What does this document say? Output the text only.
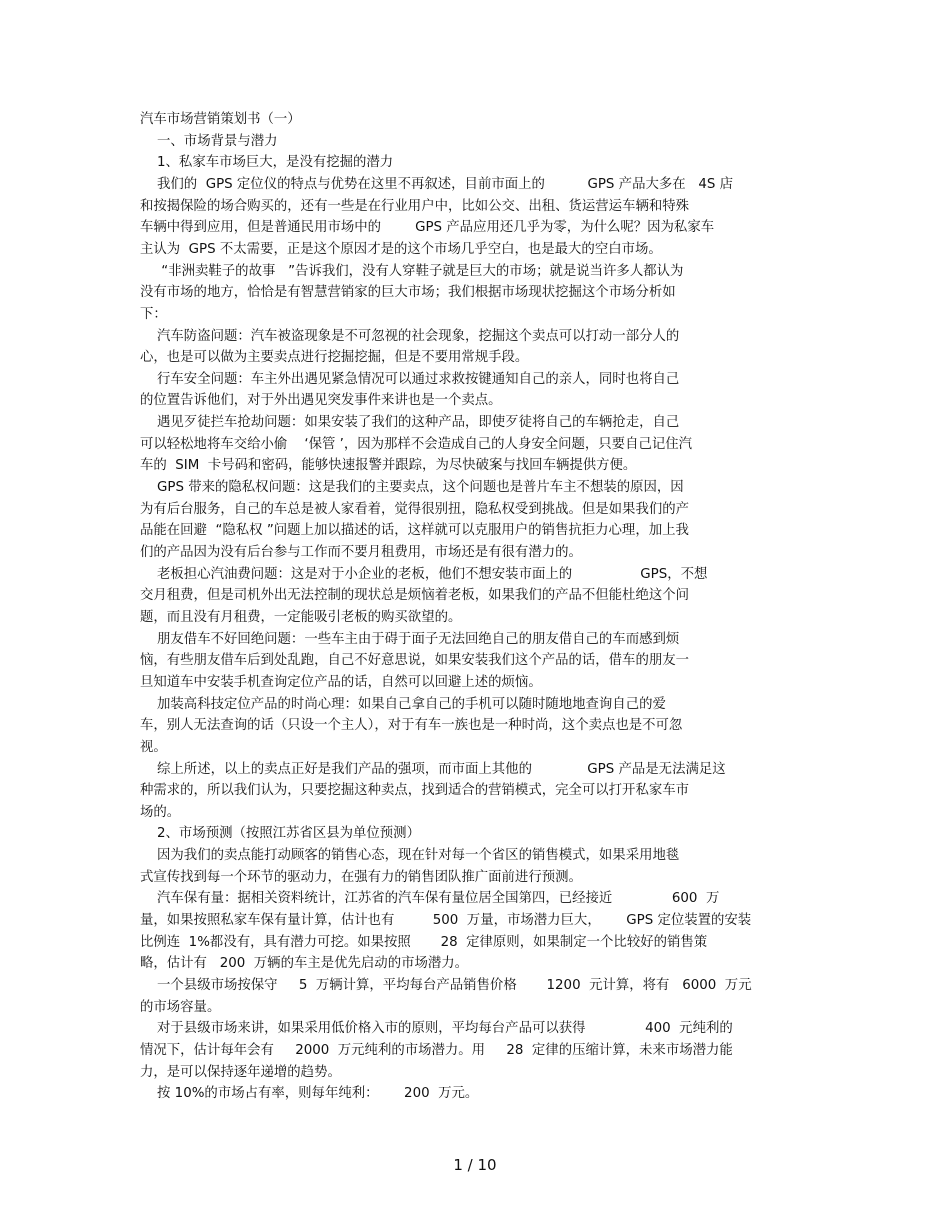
汽车市场营销策划书（一）
一、市场背景与潜力
1、私家车市场巨大，是没有挖掘的潜力
我们的  GPS 定位仪的特点与优势在这里不再叙述，目前市面上的          GPS 产品大多在   4S 店
和按揭保险的场合购买的，还有一些是在行业用户中，比如公交、出租、货运营运车辆和特殊
车辆中得到应用，但是普通民用市场中的        GPS 产品应用还几乎为零，为什么呢？因为私家车
主认为  GPS 不太需要，正是这个原因才是的这个市场几乎空白，也是最大的空白市场。
“非洲卖鞋子的故事   ”告诉我们，没有人穿鞋子就是巨大的市场；就是说当许多人都认为
没有市场的地方，恰恰是有智慧营销家的巨大市场；我们根据市场现状挖掘这个市场分析如
下：
汽车防盗问题：汽车被盗现象是不可忽视的社会现象，挖掘这个卖点可以打动一部分人的
心，也是可以做为主要卖点进行挖掘挖掘，但是不要用常规手段。
行车安全问题：车主外出遇见紧急情况可以通过求救按键通知自己的亲人，同时也将自己
的位置告诉他们，对于外出遇见突发事件来讲也是一个卖点。
遇见歹徒拦车抢劫问题：如果安装了我们的这种产品，即使歹徒将自己的车辆抢走，自己
可以轻松地将车交给小偷    ‘保管 ’，因为那样不会造成自己的人身安全问题，只要自己记住汽
车的  SIM  卡号码和密码，能够快速报警并跟踪，为尽快破案与找回车辆提供方便。
GPS 带来的隐私权问题：这是我们的主要卖点，这个问题也是普片车主不想装的原因，因
为有后台服务，自己的车总是被人家看着，觉得很别扭，隐私权受到挑战。但是如果我们的产
品能在回避  “隐私权 ”问题上加以描述的话，这样就可以克服用户的销售抗拒力心理，加上我
们的产品因为没有后台参与工作而不要月租费用，市场还是有很有潜力的。
老板担心汽油费问题：这是对于小企业的老板，他们不想安装市面上的                GPS，不想
交月租费，但是司机外出无法控制的现状总是烦恼着老板，如果我们的产品不但能杜绝这个问
题，而且没有月租费，一定能吸引老板的购买欲望的。
朋友借车不好回绝问题：一些车主由于碍于面子无法回绝自己的朋友借自己的车而感到烦
恼，有些朋友借车后到处乱跑，自己不好意思说，如果安装我们这个产品的话，借车的朋友一
旦知道车中安装手机查询定位产品的话，自然可以回避上述的烦恼。
加装高科技定位产品的时尚心理：如果自己拿自己的手机可以随时随地地查询自己的爱
车，别人无法查询的话（只设一个主人），对于有车一族也是一种时尚，这个卖点也是不可忽
视。
综上所述，以上的卖点正好是我们产品的强项，而市面上其他的             GPS 产品是无法满足这
种需求的，所以我们认为，只要挖掘这种卖点，找到适合的营销模式，完全可以打开私家车市
场的。
2、市场预测（按照江苏省区县为单位预测）
因为我们的卖点能打动顾客的销售心态，现在针对每一个省区的销售模式，如果采用地毯
式宣传找到每一个环节的驱动力，在强有力的销售团队推广面前进行预测。
汽车保有量：据相关资料统计，江苏省的汽车保有量位居全国第四，已经接近              600  万
量，如果按照私家车保有量计算，估计也有         500  万量，市场潜力巨大，      GPS 定位装置的安装
比例连  1%都没有，具有潜力可挖。如果按照       28  定律原则，如果制定一个比较好的销售策
略，估计有   200  万辆的车主是优先启动的市场潜力。
一个县级市场按保守     5  万辆计算，平均每台产品销售价格       1200  元计算，将有   6000  万元
的市场容量。
对于县级市场来讲，如果采用低价格入市的原则，平均每台产品可以获得              400  元纯利的
情况下，估计每年会有     2000  万元纯利的市场潜力。用     28  定律的压缩计算，未来市场潜力能
力，是可以保持逐年递增的趋势。
按 10%的市场占有率，则每年纯利：      200  万元。
1 / 10
